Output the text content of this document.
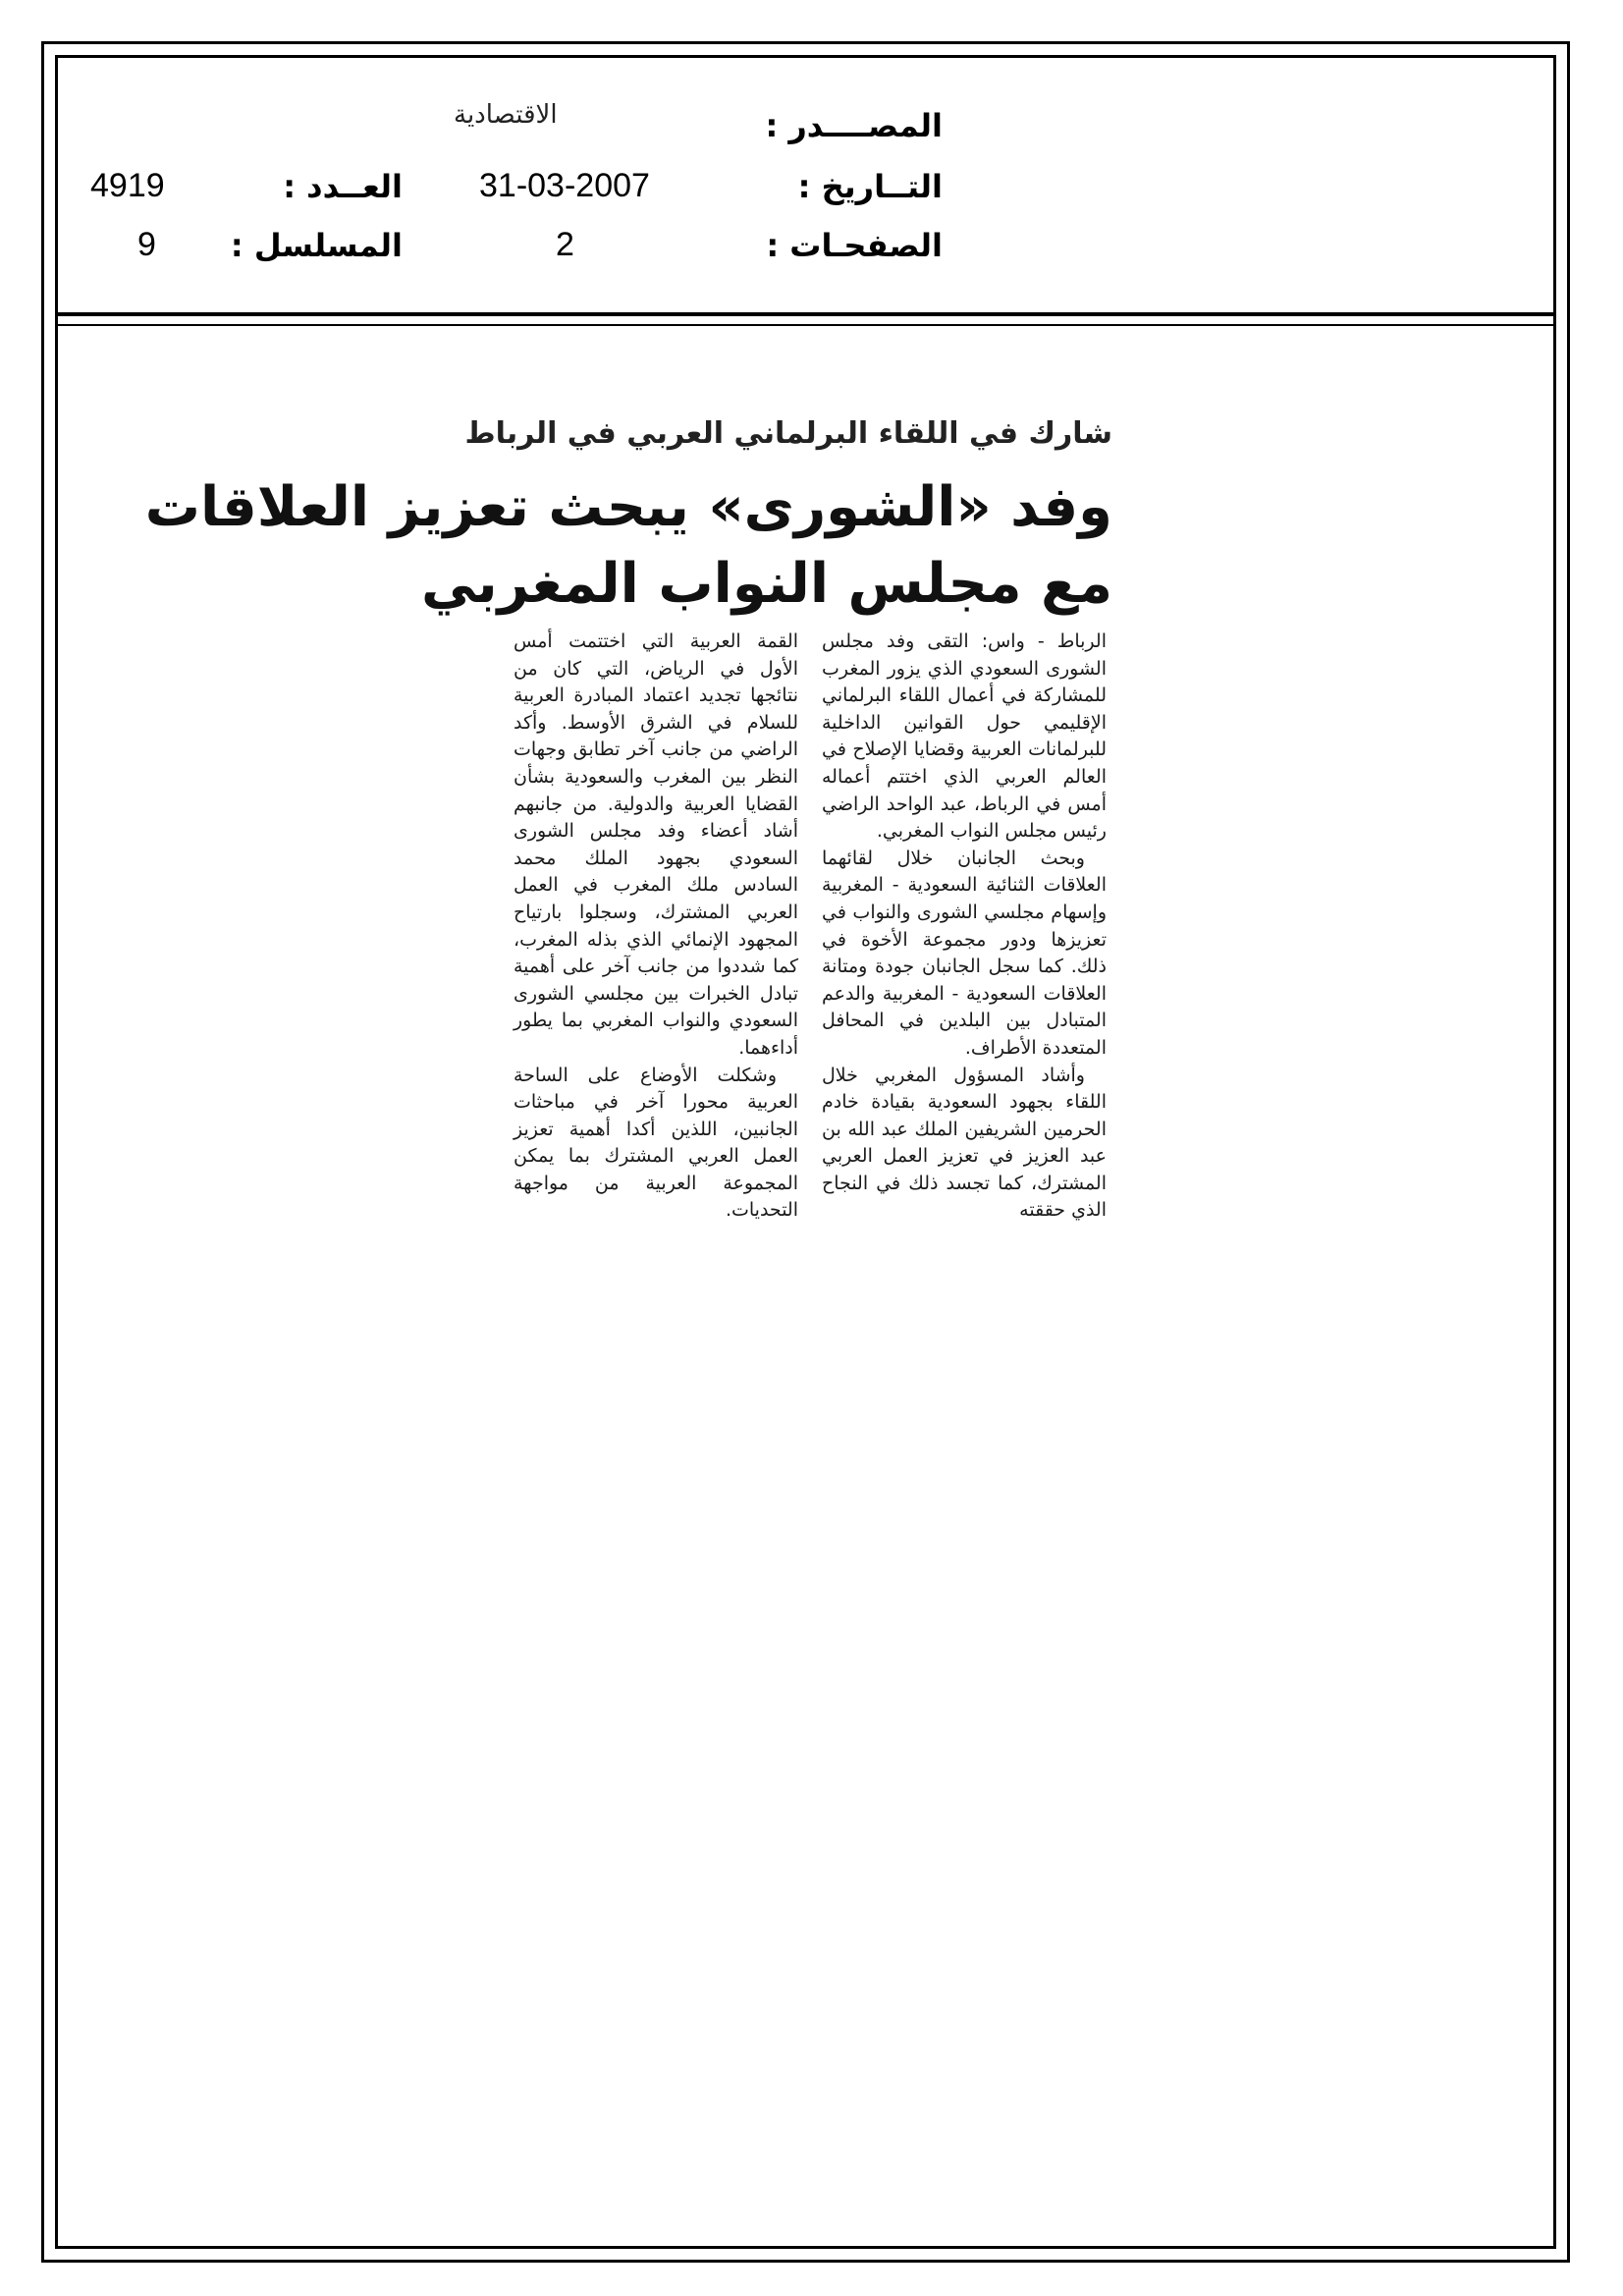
المصــــدر :
الاقتصادية
التــاريخ :
31-03-2007
العــدد :
4919
الصفحـات :
2
المسلسل :
9
شارك في اللقاء البرلماني العربي في الرباط
وفد «الشورى» يبحث تعزيز العلاقات
مع مجلس النواب المغربي

الرباط - واس: التقى وفد مجلس الشورى السعودي الذي يزور المغرب للمشاركة في أعمال اللقاء البرلماني الإقليمي حول القوانين الداخلية للبرلمانات العربية وقضايا الإصلاح في العالم العربي الذي اختتم أعماله أمس في الرباط، عبد الواحد الراضي رئيس مجلس النواب المغربي.

وبحث الجانبان خلال لقائهما العلاقات الثنائية السعودية - المغربية وإسهام مجلسي الشورى والنواب في تعزيزها ودور مجموعة الأخوة في ذلك. كما سجل الجانبان جودة ومتانة العلاقات السعودية - المغربية والدعم المتبادل بين البلدين في المحافل المتعددة الأطراف.

وأشاد المسؤول المغربي خلال اللقاء بجهود السعودية بقيادة خادم الحرمين الشريفين الملك عبد الله بن عبد العزيز في تعزيز العمل العربي المشترك، كما تجسد ذلك في النجاح الذي حققته

القمة العربية التي اختتمت أمس الأول في الرياض، التي كان من نتائجها تجديد اعتماد المبادرة العربية للسلام في الشرق الأوسط. وأكد الراضي من جانب آخر تطابق وجهات النظر بين المغرب والسعودية بشأن القضايا العربية والدولية. من جانبهم أشاد أعضاء وفد مجلس الشورى السعودي بجهود الملك محمد السادس ملك المغرب في العمل العربي المشترك، وسجلوا بارتياح المجهود الإنمائي الذي بذله المغرب، كما شددوا من جانب آخر على أهمية تبادل الخبرات بين مجلسي الشورى السعودي والنواب المغربي بما يطور أداءهما.

وشكلت الأوضاع على الساحة العربية محورا آخر في مباحثات الجانبين، اللذين أكدا أهمية تعزيز العمل العربي المشترك بما يمكن المجموعة العربية من مواجهة التحديات.
